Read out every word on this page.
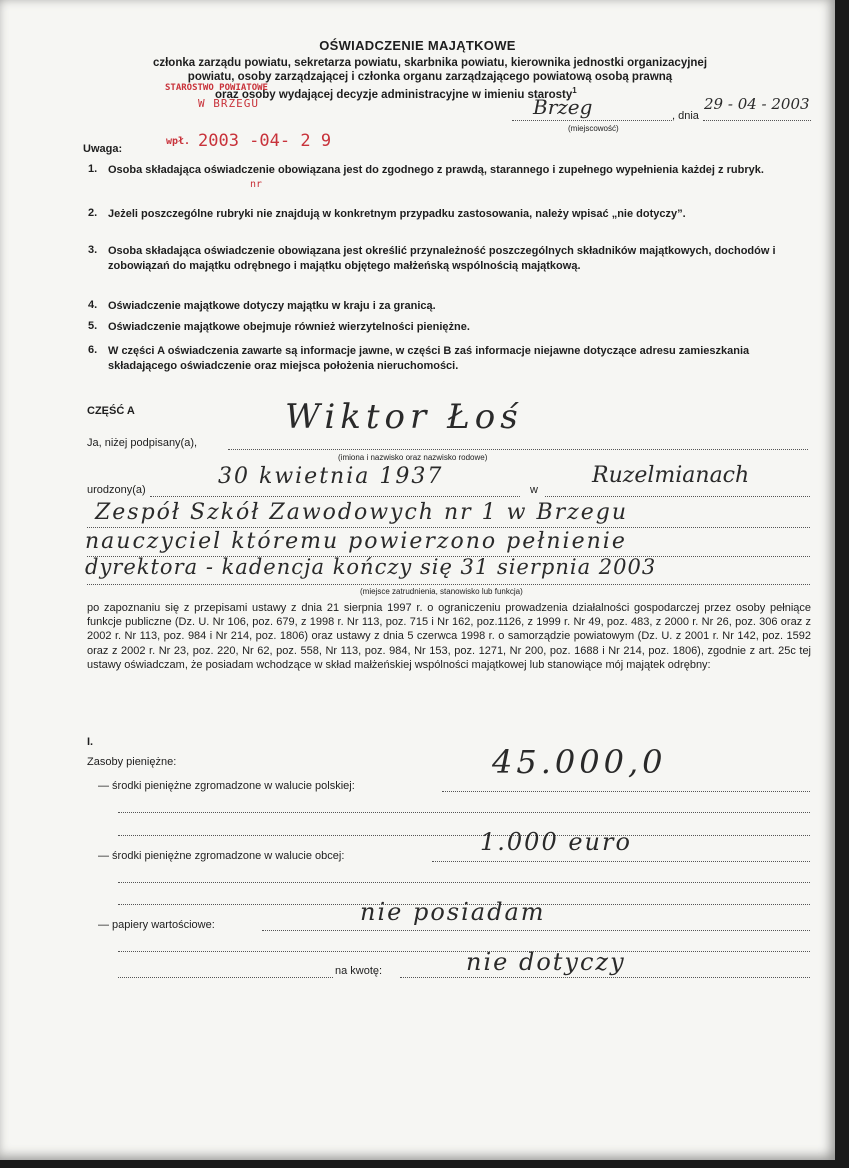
OŚWIADCZENIE MAJĄTKOWE
członka zarządu powiatu, sekretarza powiatu, skarbnika powiatu, kierownika jednostki organizacyjnej
powiatu, osoby zarządzającej i członka organu zarządzającego powiatową osobą prawną
oraz osoby wydającej decyzje administracyjne w imieniu starosty$^1$
STAROSTWO POWIATOWE
W BRZEGU
wpł. 2003 -04- 2 9
nr
Brzeg
(miejscowość)
, dnia
29 - 04 - 2003
Uwaga:
1. Osoba składająca oświadczenie obowiązana jest do zgodnego z prawdą, starannego i zupełnego wypełnienia każdej z rubryk.
2. Jeżeli poszczególne rubryki nie znajdują w konkretnym przypadku zastosowania, należy wpisać „nie dotyczy”.
3. Osoba składająca oświadczenie obowiązana jest określić przynależność poszczególnych składników majątkowych, dochodów i zobowiązań do majątku odrębnego i majątku objętego małżeńską wspólnością majątkową.
4. Oświadczenie majątkowe dotyczy majątku w kraju i za granicą.
5. Oświadczenie majątkowe obejmuje również wierzytelności pieniężne.
6. W części A oświadczenia zawarte są informacje jawne, w części B zaś informacje niejawne dotyczące adresu zamieszkania składającego oświadczenie oraz miejsca położenia nieruchomości.
CZĘŚĆ A
Ja, niżej podpisany(a),
Wiktor Łoś
(imiona i nazwisko oraz nazwisko rodowe)
urodzony(a)
30 kwietnia 1937
w
Ruzelmianach
Zespół Szkół Zawodowych nr 1 w Brzegu
nauczyciel któremu powierzono pełnienie
dyrektora - kadencja kończy się 31 sierpnia 2003
(miejsce zatrudnienia, stanowisko lub funkcja)
po zapoznaniu się z przepisami ustawy z dnia 21 sierpnia 1997 r. o ograniczeniu prowadzenia działalności gospodarczej przez osoby pełniące funkcje publiczne (Dz. U. Nr 106, poz. 679, z 1998 r. Nr 113, poz. 715 i Nr 162, poz.1126, z 1999 r. Nr 49, poz. 483, z 2000 r. Nr 26, poz. 306 oraz z 2002 r. Nr 113, poz. 984 i Nr 214, poz. 1806) oraz ustawy z dnia 5 czerwca 1998 r. o samorządzie powiatowym (Dz. U. z 2001 r. Nr 142, poz. 1592 oraz z 2002 r. Nr 23, poz. 220, Nr 62, poz. 558, Nr 113, poz. 984, Nr 153, poz. 1271, Nr 200, poz. 1688 i Nr 214, poz. 1806), zgodnie z art. 25c tej ustawy oświadczam, że posiadam wchodzące w skład małżeńskiej wspólności majątkowej lub stanowiące mój majątek odrębny:
I.
Zasoby pieniężne:
— środki pieniężne zgromadzone w walucie polskiej:
45.000,0
— środki pieniężne zgromadzone w walucie obcej:	1.000 euro
— papiery wartościowe:	nie posiadam
na kwotę:	nie dotyczy
